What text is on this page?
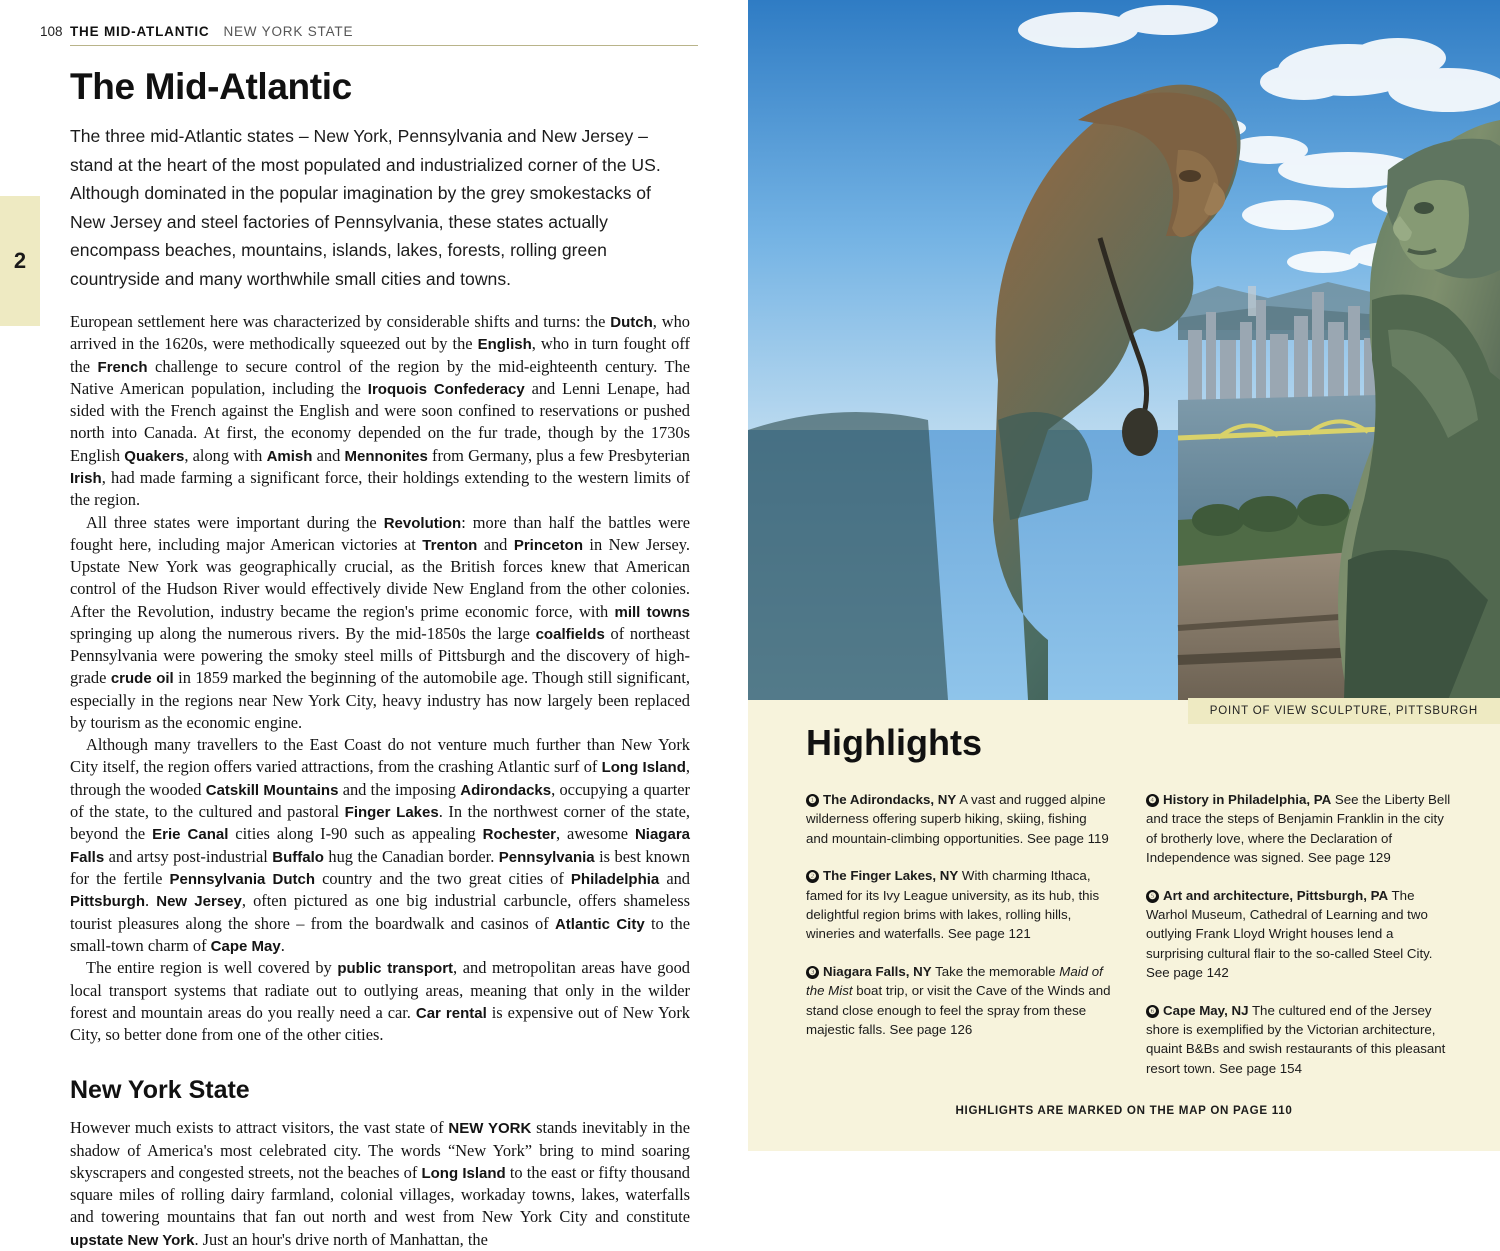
2
108 THE MID-ATLANTIC NEW YORK STATE
The Mid-Atlantic
The three mid-Atlantic states – New York, Pennsylvania and New Jersey – stand at the heart of the most populated and industrialized corner of the US. Although dominated in the popular imagination by the grey smokestacks of New Jersey and steel factories of Pennsylvania, these states actually encompass beaches, mountains, islands, lakes, forests, rolling green countryside and many worthwhile small cities and towns.

European settlement here was characterized by considerable shifts and turns: the Dutch, who arrived in the 1620s, were methodically squeezed out by the English, who in turn fought off the French challenge to secure control of the region by the mid-eighteenth century. The Native American population, including the Iroquois Confederacy and Lenni Lenape, had sided with the French against the English and were soon confined to reservations or pushed north into Canada. At first, the economy depended on the fur trade, though by the 1730s English Quakers, along with Amish and Mennonites from Germany, plus a few Presbyterian Irish, had made farming a significant force, their holdings extending to the western limits of the region.

All three states were important during the Revolution: more than half the battles were fought here, including major American victories at Trenton and Princeton in New Jersey. Upstate New York was geographically crucial, as the British forces knew that American control of the Hudson River would effectively divide New England from the other colonies. After the Revolution, industry became the region's prime economic force, with mill towns springing up along the numerous rivers. By the mid-1850s the large coalfields of northeast Pennsylvania were powering the smoky steel mills of Pittsburgh and the discovery of high-grade crude oil in 1859 marked the beginning of the automobile age. Though still significant, especially in the regions near New York City, heavy industry has now largely been replaced by tourism as the economic engine.

Although many travellers to the East Coast do not venture much further than New York City itself, the region offers varied attractions, from the crashing Atlantic surf of Long Island, through the wooded Catskill Mountains and the imposing Adirondacks, occupying a quarter of the state, to the cultured and pastoral Finger Lakes. In the northwest corner of the state, beyond the Erie Canal cities along I-90 such as appealing Rochester, awesome Niagara Falls and artsy post-industrial Buffalo hug the Canadian border. Pennsylvania is best known for the fertile Pennsylvania Dutch country and the two great cities of Philadelphia and Pittsburgh. New Jersey, often pictured as one big industrial carbuncle, offers shameless tourist pleasures along the shore – from the boardwalk and casinos of Atlantic City to the small-town charm of Cape May.

The entire region is well covered by public transport, and metropolitan areas have good local transport systems that radiate out to outlying areas, meaning that only in the wilder forest and mountain areas do you really need a car. Car rental is expensive out of New York City, so better done from one of the other cities.

New York State

However much exists to attract visitors, the vast state of NEW YORK stands inevitably in the shadow of America's most celebrated city. The words “New York” bring to mind soaring skyscrapers and congested streets, not the beaches of Long Island to the east or fifty thousand square miles of rolling dairy farmland, colonial villages, workaday towns, lakes, waterfalls and towering mountains that fan out north and west from New York City and constitute upstate New York. Just an hour's drive north of Manhattan, the

POINT OF VIEW SCULPTURE, PITTSBURGH
Highlights
❶ The Adirondacks, NY A vast and rugged alpine wilderness offering superb hiking, skiing, fishing and mountain-climbing opportunities. See page 119
❷ The Finger Lakes, NY With charming Ithaca, famed for its Ivy League university, as its hub, this delightful region brims with lakes, rolling hills, wineries and waterfalls. See page 121
❸ Niagara Falls, NY Take the memorable Maid of the Mist boat trip, or visit the Cave of the Winds and stand close enough to feel the spray from these majestic falls. See page 126
❹ History in Philadelphia, PA See the Liberty Bell and trace the steps of Benjamin Franklin in the city of brotherly love, where the Declaration of Independence was signed. See page 129
❺ Art and architecture, Pittsburgh, PA The Warhol Museum, Cathedral of Learning and two outlying Frank Lloyd Wright houses lend a surprising cultural flair to the so-called Steel City. See page 142
❻ Cape May, NJ The cultured end of the Jersey shore is exemplified by the Victorian architecture, quaint B&Bs and swish restaurants of this pleasant resort town. See page 154
HIGHLIGHTS ARE MARKED ON THE MAP ON PAGE 110
